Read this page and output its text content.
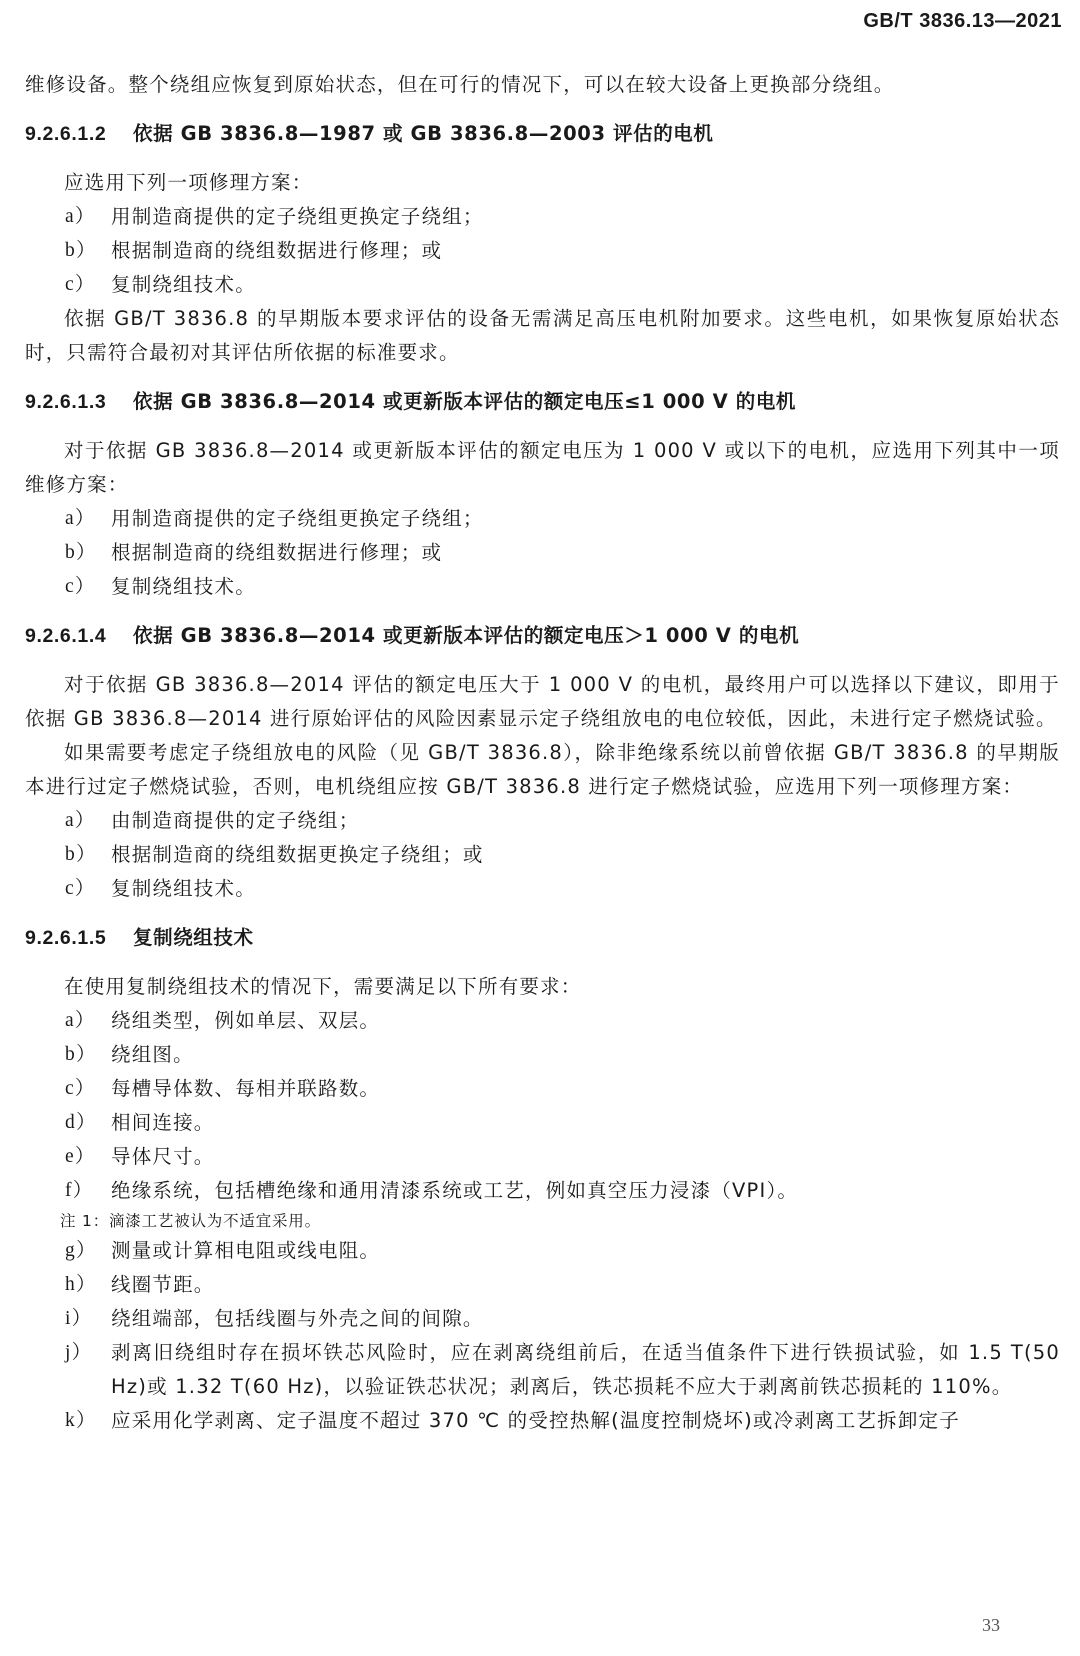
GB/T 3836.13—2021

维修设备。整个绕组应恢复到原始状态，但在可行的情况下，可以在较大设备上更换部分绕组。

9.2.6.1.2	依据 GB 3836.8—1987 或 GB 3836.8—2003 评估的电机

应选用下列一项修理方案：

a） 用制造商提供的定子绕组更换定子绕组；
b） 根据制造商的绕组数据进行修理；或
c） 复制绕组技术。

依据 GB/T 3836.8 的早期版本要求评估的设备无需满足高压电机附加要求。这些电机，如果恢复原始状态时，只需符合最初对其评估所依据的标准要求。

9.2.6.1.3	依据 GB 3836.8—2014 或更新版本评估的额定电压≤1 000 V 的电机

对于依据 GB 3836.8—2014 或更新版本评估的额定电压为 1 000 V 或以下的电机，应选用下列其中一项维修方案：

a） 用制造商提供的定子绕组更换定子绕组；
b） 根据制造商的绕组数据进行修理；或
c） 复制绕组技术。
9.2.6.1.4	依据 GB 3836.8—2014 或更新版本评估的额定电压＞1 000 V 的电机

对于依据 GB 3836.8—2014 评估的额定电压大于 1 000 V 的电机，最终用户可以选择以下建议，即用于依据 GB 3836.8—2014 进行原始评估的风险因素显示定子绕组放电的电位较低，因此，未进行定子燃烧试验。

如果需要考虑定子绕组放电的风险（见 GB/T 3836.8），除非绝缘系统以前曾依据 GB/T 3836.8 的早期版本进行过定子燃烧试验，否则，电机绕组应按 GB/T 3836.8 进行定子燃烧试验，应选用下列一项修理方案：

a） 由制造商提供的定子绕组；
b） 根据制造商的绕组数据更换定子绕组；或
c） 复制绕组技术。
9.2.6.1.5	复制绕组技术

在使用复制绕组技术的情况下，需要满足以下所有要求：

a） 绕组类型，例如单层、双层。
b） 绕组图。
c） 每槽导体数、每相并联路数。
d） 相间连接。
e） 导体尺寸。
f） 绝缘系统，包括槽绝缘和通用清漆系统或工艺，例如真空压力浸漆（VPI）。
注 1：滴漆工艺被认为不适宜采用。
g） 测量或计算相电阻或线电阻。
h） 线圈节距。
i） 绕组端部，包括线圈与外壳之间的间隙。
j） 剥离旧绕组时存在损坏铁芯风险时，应在剥离绕组前后，在适当值条件下进行铁损试验，如 1.5 T(50 Hz)或 1.32 T(60 Hz)，以验证铁芯状况；剥离后，铁芯损耗不应大于剥离前铁芯损耗的 110%。
k） 应采用化学剥离、定子温度不超过 370 ℃ 的受控热解(温度控制烧坏)或冷剥离工艺拆卸定子
33
